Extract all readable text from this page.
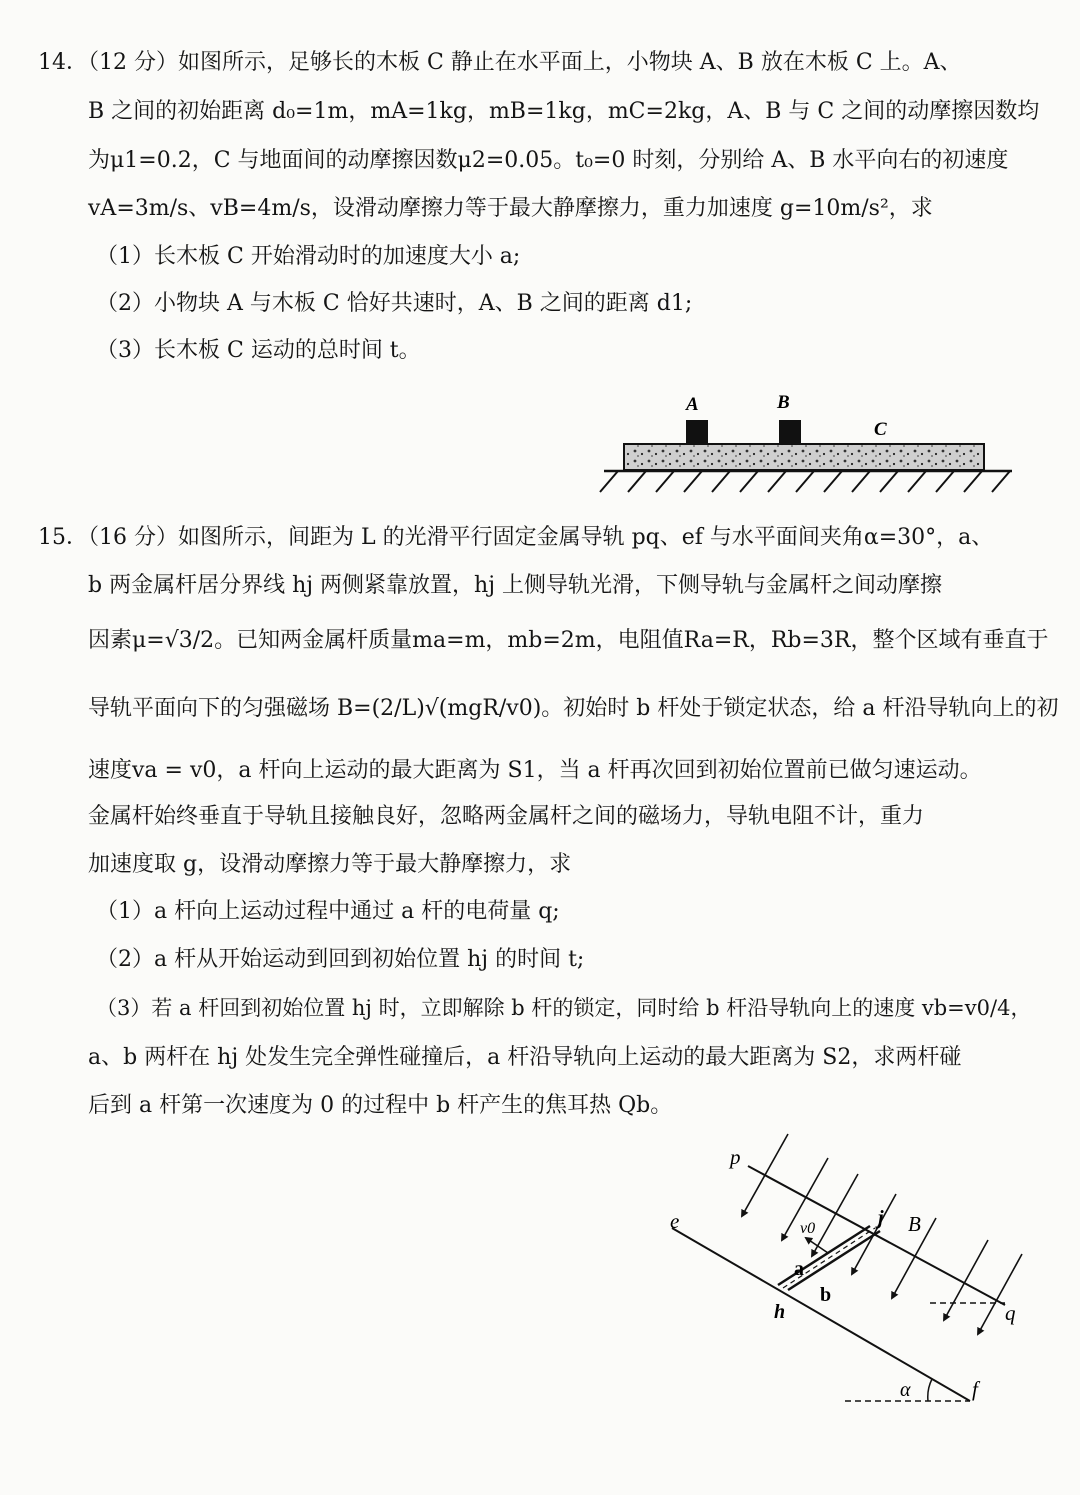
14．（12 分）如图所示，足够长的木板 C 静止在水平面上，小物块 A、B 放在木板 C 上。A、
B 之间的初始距离 d₀=1m，mA=1kg，mB=1kg，mC=2kg，A、B 与 C 之间的动摩擦因数均
为μ1=0.2，C 与地面间的动摩擦因数μ2=0.05。t₀=0 时刻，分别给 A、B 水平向右的初速度
vA=3m/s、vB=4m/s，设滑动摩擦力等于最大静摩擦力，重力加速度 g=10m/s²，求
（1）长木板 C 开始滑动时的加速度大小 a;
（2）小物块 A 与木板 C 恰好共速时，A、B 之间的距离 d1;
（3）长木板 C 运动的总时间 t。
A	B
C
15．（16 分）如图所示，间距为 L 的光滑平行固定金属导轨 pq、ef 与水平面间夹角α=30°，a、
b 两金属杆居分界线 hj 两侧紧靠放置，hj 上侧导轨光滑，下侧导轨与金属杆之间动摩擦
因素μ=√3/2。已知两金属杆质量ma=m，mb=2m，电阻值Ra=R，Rb=3R，整个区域有垂直于
导轨平面向下的匀强磁场 B=(2/L)√(mgR/v0)。初始时 b 杆处于锁定状态，给 a 杆沿导轨向上的初
速度va = v0，a 杆向上运动的最大距离为 S1，当 a 杆再次回到初始位置前已做匀速运动。
金属杆始终垂直于导轨且接触良好，忽略两金属杆之间的磁场力，导轨电阻不计，重力
加速度取 g，设滑动摩擦力等于最大静摩擦力，求
（1）a 杆向上运动过程中通过 a 杆的电荷量 q;
（2）a 杆从开始运动到回到初始位置 hj 的时间 t;
（3）若 a 杆回到初始位置 hj 时，立即解除 b 杆的锁定，同时给 b 杆沿导轨向上的速度 vb=v0/4，
a、b 两杆在 hj 处发生完全弹性碰撞后，a 杆沿导轨向上运动的最大距离为 S2，求两杆碰
后到 a 杆第一次速度为 0 的过程中 b 杆产生的焦耳热 Qb。
p
q
e
f
h
j B
a
b
v0
α
